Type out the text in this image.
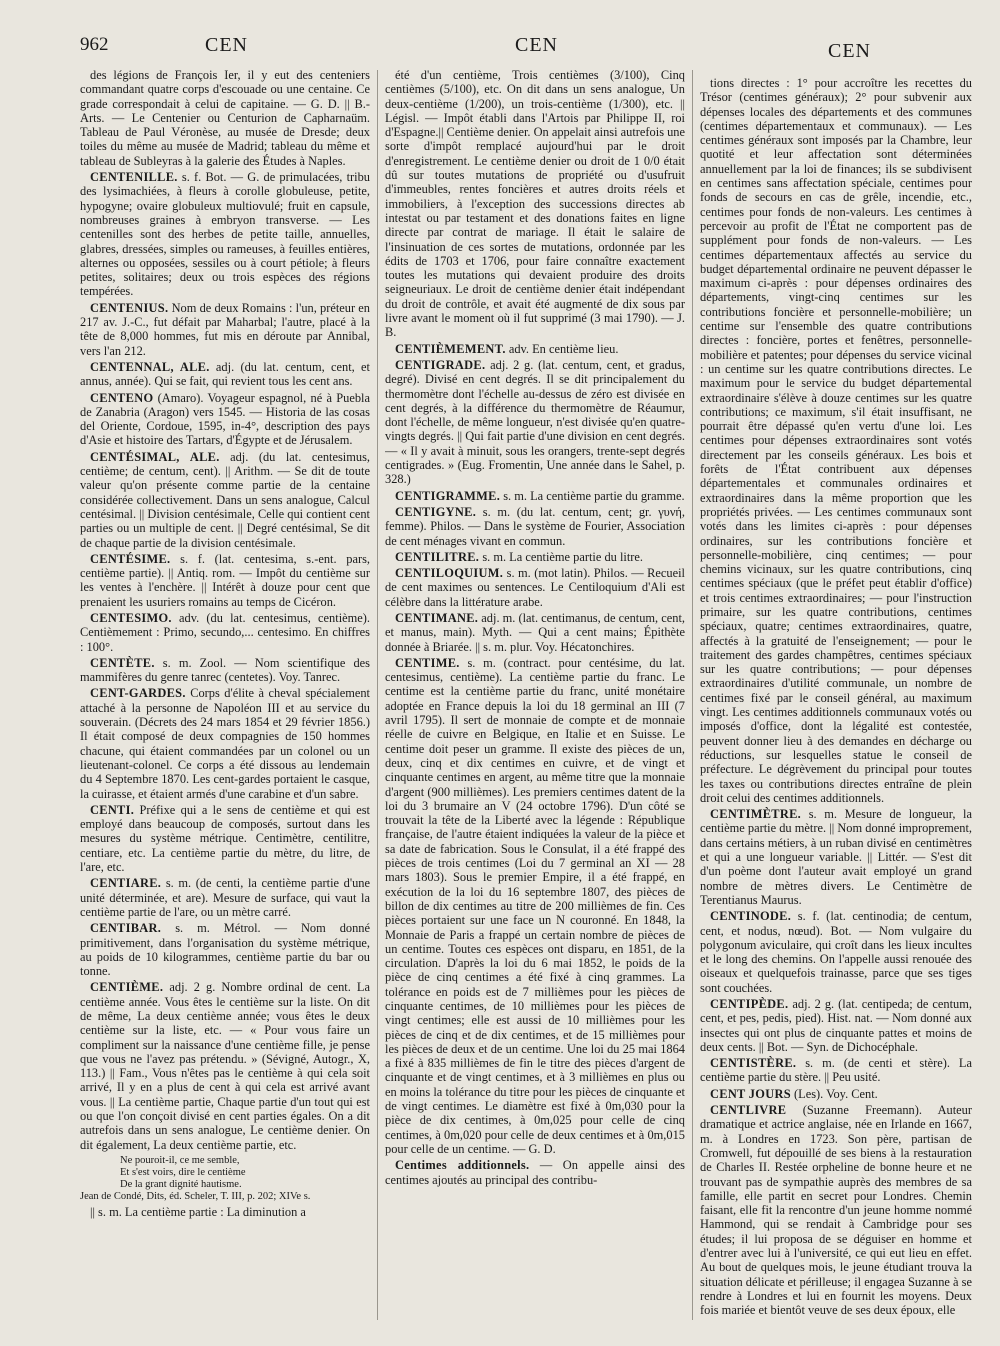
962	CEN	CEN	CEN
des légions de François Ier, il y eut des centeniers commandant quatre corps d'escouade ou une centaine. Ce grade correspondait à celui de capitaine. — G. D. || B.-Arts. — Le Centenier ou Centurion de Capharnaüm. Tableau de Paul Véronèse, au musée de Dresde; deux toiles du même au musée de Madrid; tableau du même et tableau de Subleyras à la galerie des Études à Naples.
CENTENILLE. s. f. Bot. — G. de primulacées, tribu des lysimachiées, à fleurs à corolle globuleuse, petite, hypogyne; ovaire globuleux multiovulé; fruit en capsule, nombreuses graines à embryon transverse. — Les centenilles sont des herbes de petite taille, annuelles, glabres, dressées, simples ou rameuses, à feuilles entières, alternes ou opposées, sessiles ou à court pétiole; à fleurs petites, solitaires; deux ou trois espèces des régions tempérées.
CENTENIUS. Nom de deux Romains : l'un, préteur en 217 av. J.-C., fut défait par Maharbal; l'autre, placé à la tête de 8,000 hommes, fut mis en déroute par Annibal, vers l'an 212.
CENTENNAL, ALE. adj. (du lat. centum, cent, et annus, année). Qui se fait, qui revient tous les cent ans.
CENTENO (Amaro). Voyageur espagnol, né à Puebla de Zanabria (Aragon) vers 1545. — Historia de las cosas del Oriente, Cordoue, 1595, in-4°, description des pays d'Asie et histoire des Tartars, d'Égypte et de Jérusalem.
CENTÉSIMAL, ALE. adj. (du lat. centesimus, centième; de centum, cent). || Arithm. — Se dit de toute valeur qu'on présente comme partie de la centaine considérée collectivement. Dans un sens analogue, Calcul centésimal. || Division centésimale, Celle qui contient cent parties ou un multiple de cent. || Degré centésimal, Se dit de chaque partie de la division centésimale.
CENTÉSIME. s. f. (lat. centesima, s.-ent. pars, centième partie). || Antiq. rom. — Impôt du centième sur les ventes à l'enchère. || Intérêt à douze pour cent que prenaient les usuriers romains au temps de Cicéron.
CENTESIMO. adv. (du lat. centesimus, centième). Centièmement : Primo, secundo,... centesimo. En chiffres : 100°.
CENTÈTE. s. m. Zool. — Nom scientifique des mammifères du genre tanrec (centetes). Voy. Tanrec.
CENT-GARDES. Corps d'élite à cheval spécialement attaché à la personne de Napoléon III et au service du souverain. (Décrets des 24 mars 1854 et 29 février 1856.) Il était composé de deux compagnies de 150 hommes chacune, qui étaient commandées par un colonel ou un lieutenant-colonel. Ce corps a été dissous au lendemain du 4 Septembre 1870. Les cent-gardes portaient le casque, la cuirasse, et étaient armés d'une carabine et d'un sabre.
CENTI. Préfixe qui a le sens de centième et qui est employé dans beaucoup de composés, surtout dans les mesures du système métrique. Centimètre, centilitre, centiare, etc. La centième partie du mètre, du litre, de l'are, etc.
CENTIARE. s. m. (de centi, la centième partie d'une unité déterminée, et are). Mesure de surface, qui vaut la centième partie de l'are, ou un mètre carré.
CENTIBAR. s. m. Métrol. — Nom donné primitivement, dans l'organisation du système métrique, au poids de 10 kilogrammes, centième partie du bar ou tonne.
CENTIÈME. adj. 2 g. Nombre ordinal de cent. La centième année. Vous êtes le centième sur la liste. On dit de même, La deux centième année; vous êtes le deux centième sur la liste, etc. — « Pour vous faire un compliment sur la naissance d'une centième fille, je pense que vous ne l'avez pas prétendu. » (Sévigné, Autogr., X, 113.) || Fam., Vous n'êtes pas le centième à qui cela soit arrivé, Il y en a plus de cent à qui cela est arrivé avant vous. || La centième partie, Chaque partie d'un tout qui est ou que l'on conçoit divisé en cent parties égales. On a dit autrefois dans un sens analogue, Le centième denier. On dit également, La deux centième partie, etc.
Ne pouroit-il, ce me semble,
Et s'est voirs, dire le centième
De la grant dignité hautisme.
Jean de Condé, Dits, éd. Scheler, T. III, p. 202; XIVe s.
|| s. m. La centième partie : La diminution a
été d'un centième, Trois centièmes (3/100), Cinq centièmes (5/100), etc. On dit dans un sens analogue, Un deux-centième (1/200), un trois-centième (1/300), etc. || Législ. — Impôt établi dans l'Artois par Philippe II, roi d'Espagne.|| Centième denier. On appelait ainsi autrefois une sorte d'impôt remplacé aujourd'hui par le droit d'enregistrement. Le centième denier ou droit de 1 0/0 était dû sur toutes mutations de propriété ou d'usufruit d'immeubles, rentes foncières et autres droits réels et immobiliers, à l'exception des successions directes ab intestat ou par testament et des donations faites en ligne directe par contrat de mariage. Il était le salaire de l'insinuation de ces sortes de mutations, ordonnée par les édits de 1703 et 1706, pour faire connaître exactement toutes les mutations qui devaient produire des droits seigneuriaux. Le droit de centième denier était indépendant du droit de contrôle, et avait été augmenté de dix sous par livre avant le moment où il fut supprimé (3 mai 1790). — J. B.
CENTIÈMEMENT. adv. En centième lieu.
CENTIGRADE. adj. 2 g. (lat. centum, cent, et gradus, degré). Divisé en cent degrés. Il se dit principalement du thermomètre dont l'échelle au-dessus de zéro est divisée en cent degrés, à la différence du thermomètre de Réaumur, dont l'échelle, de même longueur, n'est divisée qu'en quatre-vingts degrés. || Qui fait partie d'une division en cent degrés. — « Il y avait à minuit, sous les orangers, trente-sept degrés centigrades. » (Eug. Fromentin, Une année dans le Sahel, p. 328.)
CENTIGRAMME. s. m. La centième partie du gramme.
CENTIGYNE. s. m. (du lat. centum, cent; gr. γυνή, femme). Philos. — Dans le système de Fourier, Association de cent ménages vivant en commun.
CENTILITRE. s. m. La centième partie du litre.
CENTILOQUIUM. s. m. (mot latin). Philos. — Recueil de cent maximes ou sentences. Le Centiloquium d'Ali est célèbre dans la littérature arabe.
CENTIMANE. adj. m. (lat. centimanus, de centum, cent, et manus, main). Myth. — Qui a cent mains; Épithète donnée à Briarée. || s. m. plur. Voy. Hécatonchires.
CENTIME. s. m. (contract. pour centésime, du lat. centesimus, centième). La centième partie du franc. Le centime est la centième partie du franc, unité monétaire adoptée en France depuis la loi du 18 germinal an III (7 avril 1795). Il sert de monnaie de compte et de monnaie réelle de cuivre en Belgique, en Italie et en Suisse. Le centime doit peser un gramme. Il existe des pièces de un, deux, cinq et dix centimes en cuivre, et de vingt et cinquante centimes en argent, au même titre que la monnaie d'argent (900 millièmes). Les premiers centimes datent de la loi du 3 brumaire an V (24 octobre 1796). D'un côté se trouvait la tête de la Liberté avec la légende : République française, de l'autre étaient indiquées la valeur de la pièce et sa date de fabrication. Sous le Consulat, il a été frappé des pièces de trois centimes (Loi du 7 germinal an XI — 28 mars 1803). Sous le premier Empire, il a été frappé, en exécution de la loi du 16 septembre 1807, des pièces de billon de dix centimes au titre de 200 millièmes de fin. Ces pièces portaient sur une face un N couronné. En 1848, la Monnaie de Paris a frappé un certain nombre de pièces de un centime. Toutes ces espèces ont disparu, en 1851, de la circulation. D'après la loi du 6 mai 1852, le poids de la pièce de cinq centimes a été fixé à cinq grammes. La tolérance en poids est de 7 millièmes pour les pièces de cinquante centimes, de 10 millièmes pour les pièces de vingt centimes; elle est aussi de 10 millièmes pour les pièces de cinq et de dix centimes, et de 15 millièmes pour les pièces de deux et de un centime. Une loi du 25 mai 1864 a fixé à 835 millièmes de fin le titre des pièces d'argent de cinquante et de vingt centimes, et à 3 millièmes en plus ou en moins la tolérance du titre pour les pièces de cinquante et de vingt centimes. Le diamètre est fixé à 0m,030 pour la pièce de dix centimes, à 0m,025 pour celle de cinq centimes, à 0m,020 pour celle de deux centimes et à 0m,015 pour celle de un centime. — G. D.
Centimes additionnels. — On appelle ainsi des centimes ajoutés au principal des contribu-
tions directes : 1° pour accroître les recettes du Trésor (centimes généraux); 2° pour subvenir aux dépenses locales des départements et des communes (centimes départementaux et communaux). — Les centimes généraux sont imposés par la Chambre, leur quotité et leur affectation sont déterminées annuellement par la loi de finances; ils se subdivisent en centimes sans affectation spéciale, centimes pour fonds de secours en cas de grêle, incendie, etc., centimes pour fonds de non-valeurs. Les centimes à percevoir au profit de l'État ne comportent pas de supplément pour fonds de non-valeurs. — Les centimes départementaux affectés au service du budget départemental ordinaire ne peuvent dépasser le maximum ci-après : pour dépenses ordinaires des départements, vingt-cinq centimes sur les contributions foncière et personnelle-mobilière; un centime sur l'ensemble des quatre contributions directes : foncière, portes et fenêtres, personnelle-mobilière et patentes; pour dépenses du service vicinal : un centime sur les quatre contributions directes. Le maximum pour le service du budget départemental extraordinaire s'élève à douze centimes sur les quatre contributions; ce maximum, s'il était insuffisant, ne pourrait être dépassé qu'en vertu d'une loi. Les centimes pour dépenses extraordinaires sont votés directement par les conseils généraux. Les bois et forêts de l'État contribuent aux dépenses départementales et communales ordinaires et extraordinaires dans la même proportion que les propriétés privées. — Les centimes communaux sont votés dans les limites ci-après : pour dépenses ordinaires, sur les contributions foncière et personnelle-mobilière, cinq centimes; — pour chemins vicinaux, sur les quatre contributions, cinq centimes spéciaux (que le préfet peut établir d'office) et trois centimes extraordinaires; — pour l'instruction primaire, sur les quatre contributions, centimes spéciaux, quatre; centimes extraordinaires, quatre, affectés à la gratuité de l'enseignement; — pour le traitement des gardes champêtres, centimes spéciaux sur les quatre contributions; — pour dépenses extraordinaires d'utilité communale, un nombre de centimes fixé par le conseil général, au maximum vingt. Les centimes additionnels communaux votés ou imposés d'office, dont la légalité est contestée, peuvent donner lieu à des demandes en décharge ou réductions, sur lesquelles statue le conseil de préfecture. Le dégrèvement du principal pour toutes les taxes ou contributions directes entraîne de plein droit celui des centimes additionnels.
CENTIMÈTRE. s. m. Mesure de longueur, la centième partie du mètre. || Nom donné improprement, dans certains métiers, à un ruban divisé en centimètres et qui a une longueur variable. || Littér. — S'est dit d'un poème dont l'auteur avait employé un grand nombre de mètres divers. Le Centimètre de Terentianus Maurus.
CENTINODE. s. f. (lat. centinodia; de centum, cent, et nodus, nœud). Bot. — Nom vulgaire du polygonum aviculaire, qui croît dans les lieux incultes et le long des chemins. On l'appelle aussi renouée des oiseaux et quelquefois trainasse, parce que ses tiges sont couchées.
CENTIPÈDE. adj. 2 g. (lat. centipeda; de centum, cent, et pes, pedis, pied). Hist. nat. — Nom donné aux insectes qui ont plus de cinquante pattes et moins de deux cents. || Bot. — Syn. de Dichocéphale.
CENTISTÈRE. s. m. (de centi et stère). La centième partie du stère. || Peu usité.
CENT JOURS (Les). Voy. Cent.
CENTLIVRE (Suzanne Freemann). Auteur dramatique et actrice anglaise, née en Irlande en 1667, m. à Londres en 1723. Son père, partisan de Cromwell, fut dépouillé de ses biens à la restauration de Charles II. Restée orpheline de bonne heure et ne trouvant pas de sympathie auprès des membres de sa famille, elle partit en secret pour Londres. Chemin faisant, elle fit la rencontre d'un jeune homme nommé Hammond, qui se rendait à Cambridge pour ses études; il lui proposa de se déguiser en homme et d'entrer avec lui à l'université, ce qui eut lieu en effet. Au bout de quelques mois, le jeune étudiant trouva la situation délicate et périlleuse; il engagea Suzanne à se rendre à Londres et lui en fournit les moyens. Deux fois mariée et bientôt veuve de ses deux époux, elle
